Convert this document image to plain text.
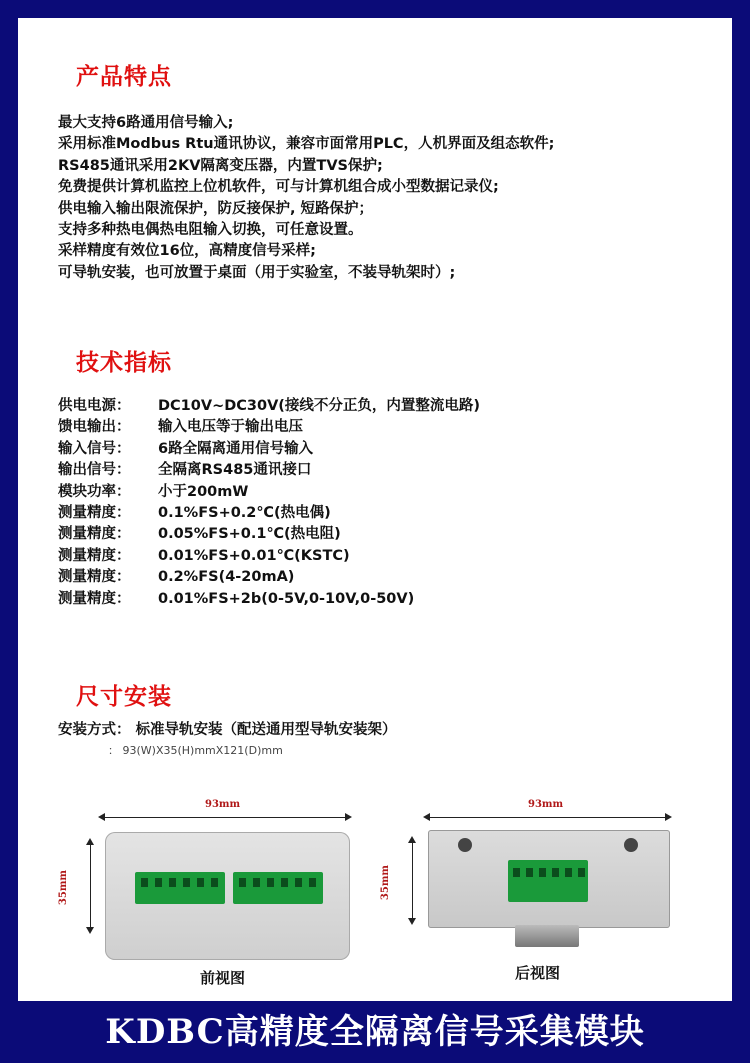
产品特点
最大支持6路通用信号输入;
采用标准Modbus Rtu通讯协议，兼容市面常用PLC，人机界面及组态软件;
RS485通讯采用2KV隔离变压器，内置TVS保护;
免费提供计算机监控上位机软件，可与计算机组合成小型数据记录仪;
供电输入输出限流保护，防反接保护, 短路保护；
支持多种热电偶热电阻输入切换，可任意设置。
采样精度有效位16位，高精度信号采样;
可导轨安装，也可放置于桌面（用于实验室，不装导轨架时）;
技术指标
供电电源：	DC10V~DC30V(接线不分正负，内置整流电路)
馈电输出：	输入电压等于输出电压
输入信号：	6路全隔离通用信号输入
输出信号：	全隔离RS485通讯接口
模块功率：	小于200mW
测量精度：	0.1%FS+0.2℃(热电偶)
测量精度：	0.05%FS+0.1℃(热电阻)
测量精度：	0.01%FS+0.01℃(KSTC)
测量精度：	0.2%FS(4-20mA)
测量精度：	0.01%FS+2b(0-5V,0-10V,0-50V)
尺寸安装
安装方式： 标准导轨安装（配送通用型导轨安装架）
： 93(W)X35(H)mmX121(D)mm
93mm
35mm
前视图
93mm
35mm
后视图
KDBC高精度全隔离信号采集模块
